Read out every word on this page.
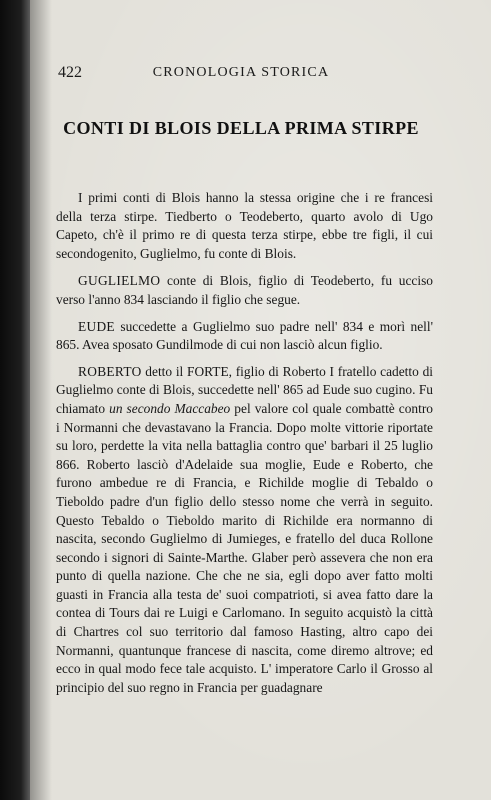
422	CRONOLOGIA STORICA
CONTI DI BLOIS DELLA PRIMA STIRPE

I primi conti di Blois hanno la stessa origine che i re francesi della terza stirpe. Tiedberto o Teodeberto, quarto avolo di Ugo Capeto, ch'è il primo re di questa terza stirpe, ebbe tre figli, il cui secondogenito, Guglielmo, fu conte di Blois.

GUGLIELMO conte di Blois, figlio di Teodeberto, fu ucciso verso l'anno 834 lasciando il figlio che segue.

EUDE succedette a Guglielmo suo padre nell' 834 e morì nell' 865. Avea sposato Gundilmode di cui non lasciò alcun figlio.

ROBERTO detto il FORTE, figlio di Roberto I fratello cadetto di Guglielmo conte di Blois, succedette nell' 865 ad Eude suo cugino. Fu chiamato un secondo Maccabeo pel valore col quale combattè contro i Normanni che devastavano la Francia. Dopo molte vittorie riportate su loro, perdette la vita nella battaglia contro que' barbari il 25 luglio 866. Roberto lasciò d'Adelaide sua moglie, Eude e Roberto, che furono ambedue re di Francia, e Richilde moglie di Tebaldo o Tieboldo padre d'un figlio dello stesso nome che verrà in seguito. Questo Tebaldo o Tieboldo marito di Richilde era normanno di nascita, secondo Guglielmo di Jumieges, e fratello del duca Rollone secondo i signori di Sainte-Marthe. Glaber però assevera che non era punto di quella nazione. Che che ne sia, egli dopo aver fatto molti guasti in Francia alla testa de' suoi compatrioti, si avea fatto dare la contea di Tours dai re Luigi e Carlomano. In seguito acquistò la città di Chartres col suo territorio dal famoso Hasting, altro capo dei Normanni, quantunque francese di nascita, come diremo altrove; ed ecco in qual modo fece tale acquisto. L' imperatore Carlo il Grosso al principio del suo regno in Francia per guadagnare
